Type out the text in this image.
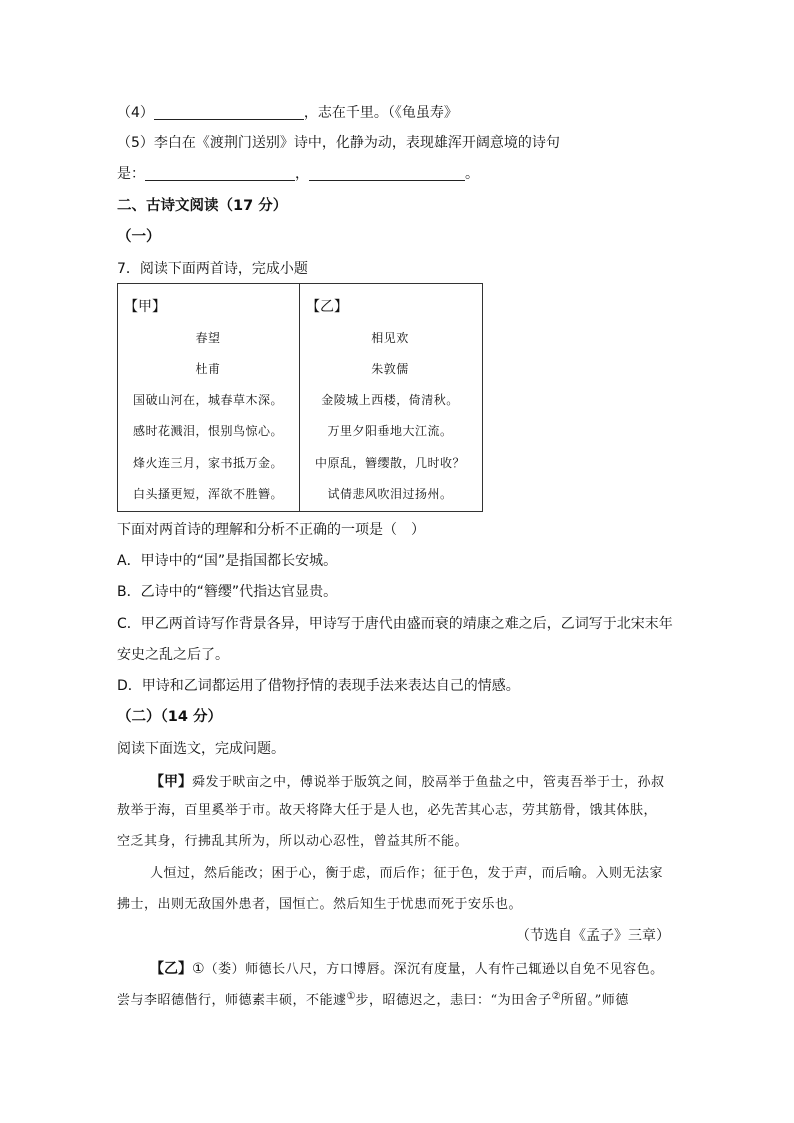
（4）	，志在千里。（《龟虽寿》
（5）李白在《渡荆门送别》诗中，化静为动，表现雄浑开阔意境的诗句
是：	，	。
二、古诗文阅读（17 分）
（一）
7．阅读下面两首诗，完成小题
【甲】
春望
杜甫
国破山河在，城春草木深。
感时花溅泪，恨别鸟惊心。
烽火连三月，家书抵万金。
白头搔更短，浑欲不胜簪。
【乙】
相见欢
朱敦儒
金陵城上西楼，倚清秋。
万里夕阳垂地大江流。
中原乱，簪缨散，几时收？
试倩悲风吹泪过扬州。
下面对两首诗的理解和分析不正确的一项是（　）
A．甲诗中的“国”是指国都长安城。
B．乙诗中的“簪缨”代指达官显贵。
C．甲乙两首诗写作背景各异，甲诗写于唐代由盛而衰的靖康之难之后，乙词写于北宋末年
安史之乱之后了。
D．甲诗和乙词都运用了借物抒情的表现手法来表达自己的情感。
（二）（14 分）
阅读下面选文，完成问题。
【甲】舜发于畎亩之中，傅说举于版筑之间，胶鬲举于鱼盐之中，管夷吾举于士，孙叔
敖举于海，百里奚举于市。故天将降大任于是人也，必先苦其心志，劳其筋骨，饿其体肤，
空乏其身，行拂乱其所为，所以动心忍性，曾益其所不能。
人恒过，然后能改；困于心，衡于虑，而后作；征于色，发于声，而后喻。入则无法家
拂士，出则无敌国外患者，国恒亡。然后知生于忧患而死于安乐也。
（节选自《孟子》三章）
【乙】①（娄）师德长八尺，方口博唇。深沉有度量，人有忤己辄逊以自免不见容色。
尝与李昭德偕行，师德素丰硕，不能遽①步，昭德迟之，恚曰：“为田舍子②所留。”师德
